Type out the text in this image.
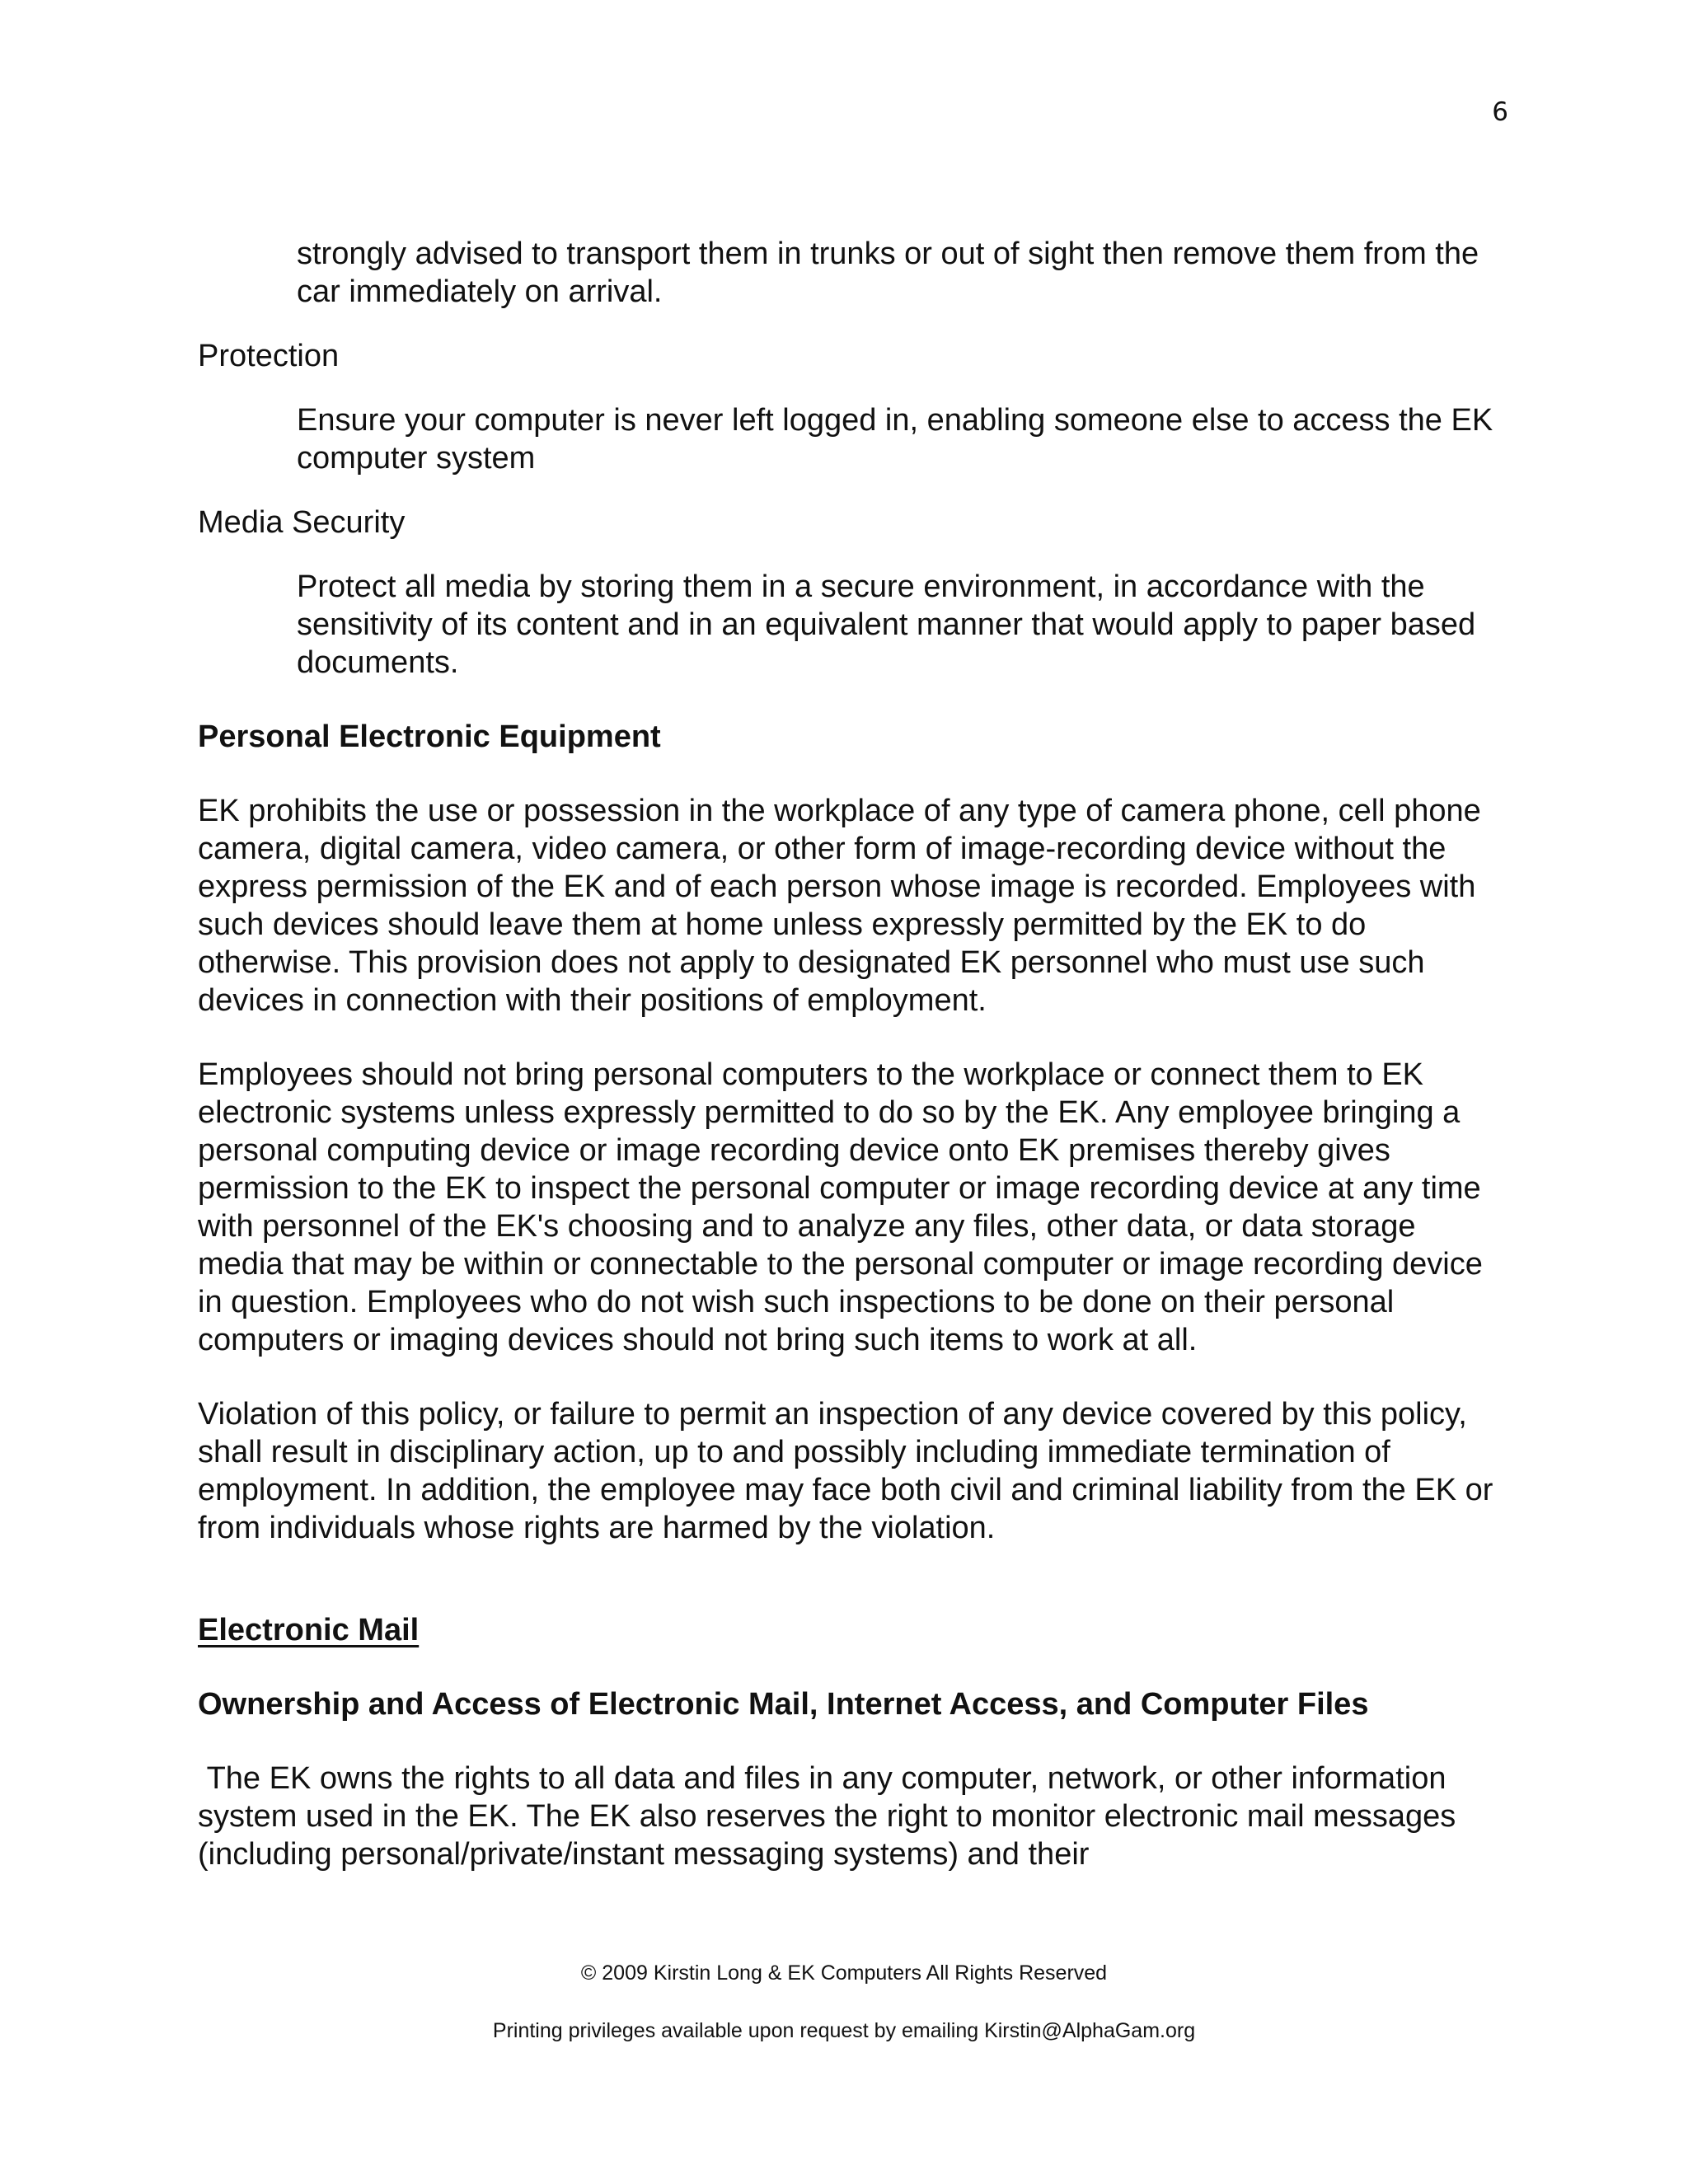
6

strongly advised to transport them in trunks or out of sight then remove them from the car immediately on arrival.

Protection

Ensure your computer is never left logged in, enabling someone else to access the EK computer system

Media Security

Protect all media by storing them in a secure environment, in accordance with the sensitivity of its content and in an equivalent manner that would apply to paper based documents.

Personal Electronic Equipment

EK prohibits the use or possession in the workplace of any type of camera phone, cell phone camera, digital camera, video camera, or other form of image-recording device without the express permission of the EK and of each person whose image is recorded. Employees with such devices should leave them at home unless expressly permitted by the EK to do otherwise. This provision does not apply to designated EK personnel who must use such devices in connection with their positions of employment.

Employees should not bring personal computers to the workplace or connect them to EK electronic systems unless expressly permitted to do so by the EK. Any employee bringing a personal computing device or image recording device onto EK premises thereby gives permission to the EK to inspect the personal computer or image recording device at any time with personnel of the EK's choosing and to analyze any files, other data, or data storage media that may be within or connectable to the personal computer or image recording device in question. Employees who do not wish such inspections to be done on their personal computers or imaging devices should not bring such items to work at all.

Violation of this policy, or failure to permit an inspection of any device covered by this policy, shall result in disciplinary action, up to and possibly including immediate termination of employment. In addition, the employee may face both civil and criminal liability from the EK or from individuals whose rights are harmed by the violation.

Electronic Mail

Ownership and Access of Electronic Mail, Internet Access, and Computer Files

The EK owns the rights to all data and files in any computer, network, or other information system used in the EK. The EK also reserves the right to monitor electronic mail messages (including personal/private/instant messaging systems) and their

© 2009 Kirstin Long & EK Computers All Rights Reserved
Printing privileges available upon request by emailing Kirstin@AlphaGam.org
